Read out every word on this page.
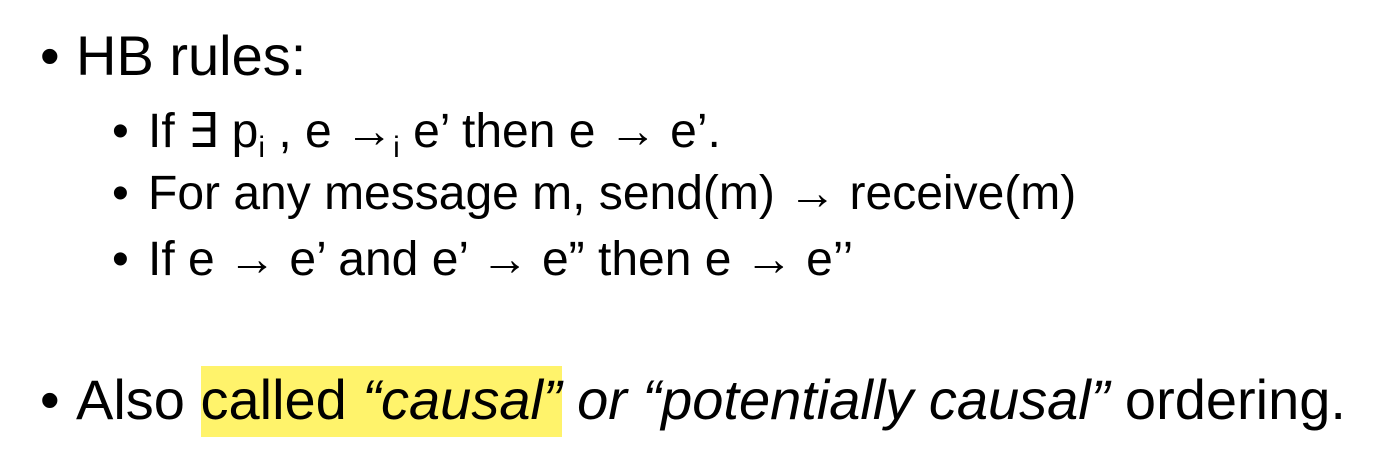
• HB rules:
• If ∃ $p_i$ , $e \to_i$ e’ then e → e’.
• For any message m, send(m) → receive(m)
• If e → e’ and e’ → e” then e → e’’
• Also called “causal” or “potentially causal” ordering.
